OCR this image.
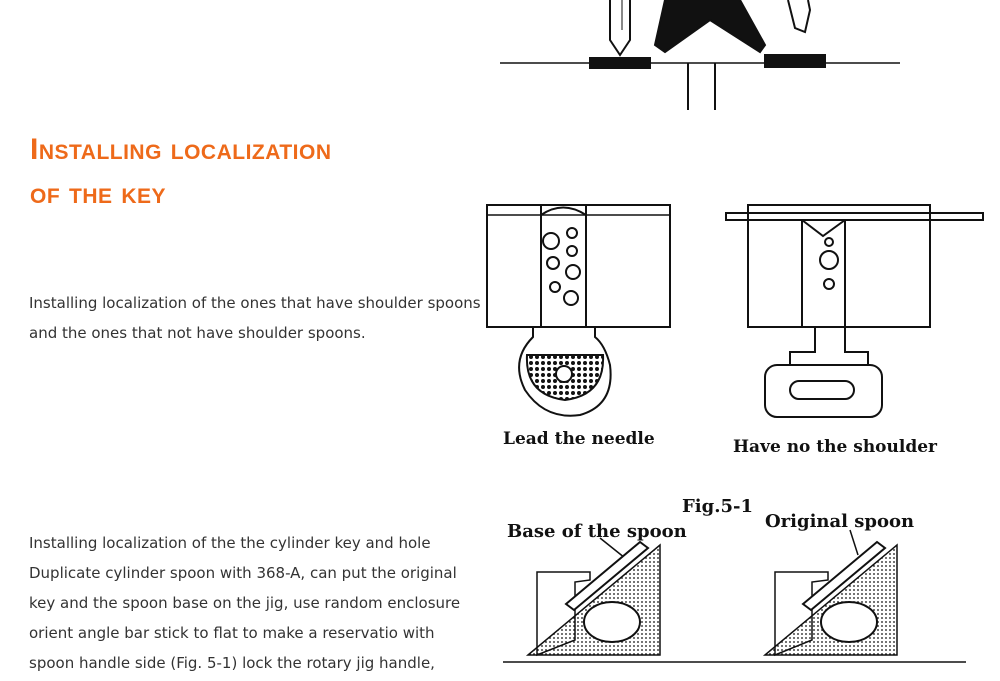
Installing localization
of the key

Installing localization of the ones that have shoulder spoons and the ones that not have shoulder spoons.

Installing localization of the the cylinder key and hole
Duplicate cylinder spoon with 368-A, can put the original
key and the spoon base on the jig, use random enclosure
orient angle bar stick to flat to make a reservatio with
spoon handle side (Fig. 5-1) lock the rotary jig handle,

Lead the needle	Have no the shoulder
Fig.5-1
Base of the spoon	Original spoon
